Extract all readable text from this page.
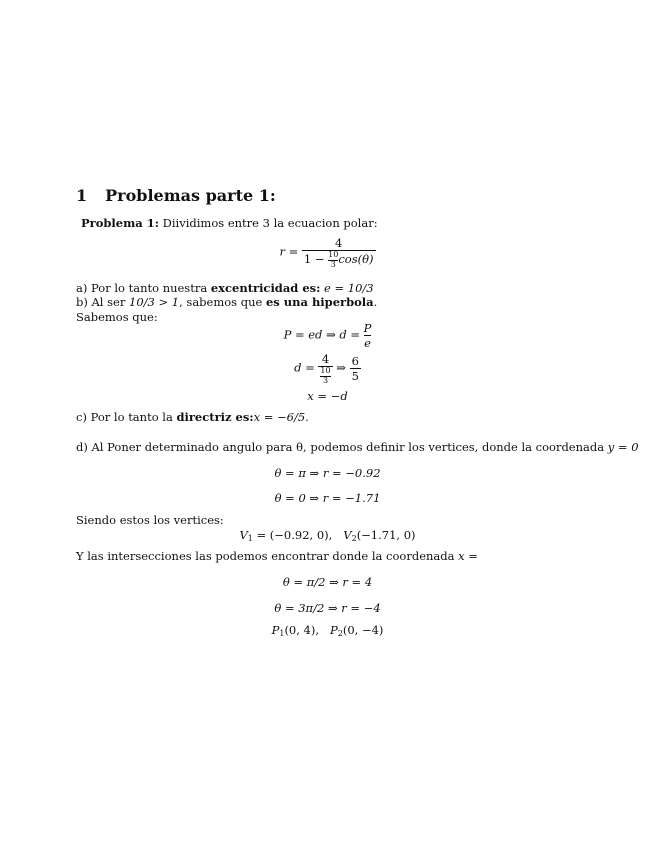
1 Problemas parte 1:
Problema 1: Diividimos entre 3 la ecuacion polar:
$r = \frac{4}{1 - \frac{10}{3} \cos(\theta)}$
a) Por lo tanto nuestra excentricidad es: e = 10/3
b) Al ser 10/3 > 1, sabemos que es una hiperbola.
Sabemos que:
P = ed ⇒ $d = \frac{P}{e}$
$d = \frac{4}{\frac{10}{3}}$ ⇒ $\frac{6}{5}$
x = −d
c) Por lo tanto la directriz es:x = −6/5.
d) Al Poner determinado angulo para θ, podemos definir los vertices, donde la coordenada y = 0
θ = π ⇒ r = −0.92
θ = 0 ⇒ r = −1.71
Siendo estos los vertices:
$V_1 = (-0.92$, 0), $V_2(-1.71$, 0)
Y las intersecciones las podemos encontrar donde la coordenada x =
θ = π/2 ⇒ r = 4
θ = 3π/2 ⇒ r = −4
$P_1(0$, 4), $P_2(0$, −4)
